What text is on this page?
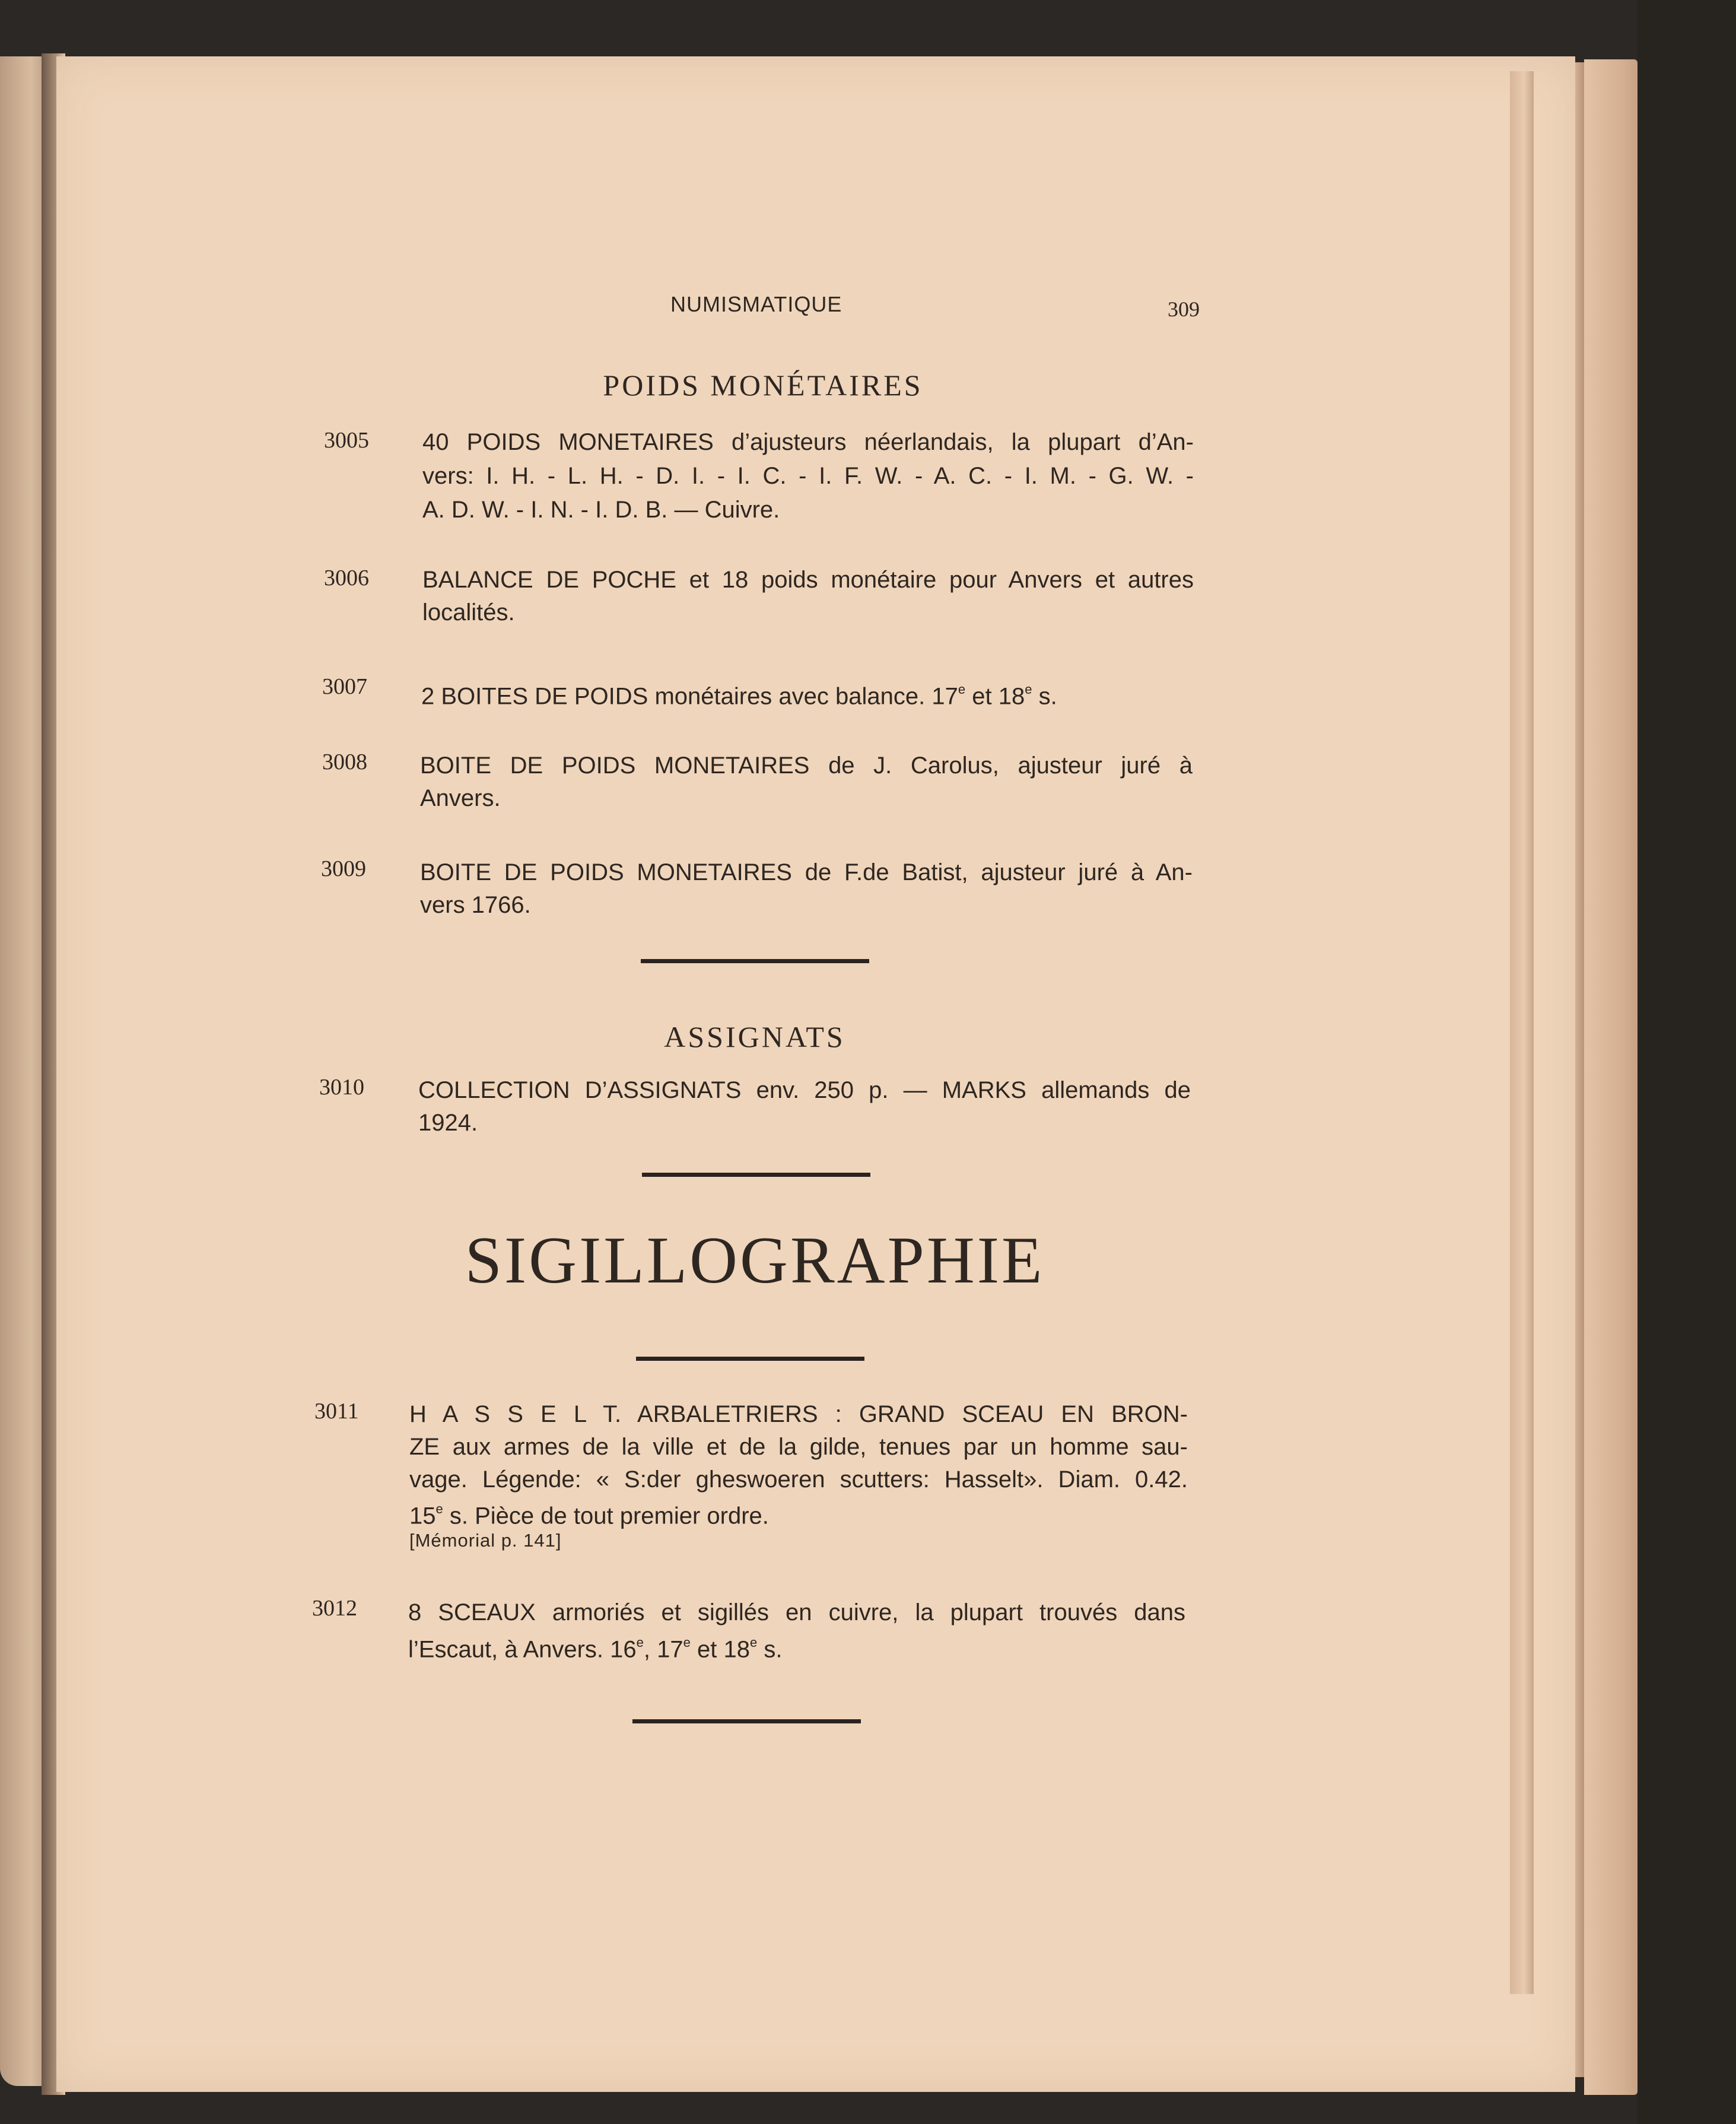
NUMISMATIQUE	309
POIDS MONÉTAIRES
3005 40 POIDS MONETAIRES d’ajusteurs néerlandais, la plupart d’An-
vers: I. H. - L. H. - D. I. - I. C. - I. F. W. - A. C. - I. M. - G. W. -
A. D. W. - I. N. - I. D. B. — Cuivre.
3006 BALANCE DE POCHE et 18 poids monétaire pour Anvers et autres
localités.
3007 2 BOITES DE POIDS monétaires avec balance. 17e et 18e s.
3008 BOITE DE POIDS MONETAIRES de J. Carolus, ajusteur juré à
Anvers.
3009 BOITE DE POIDS MONETAIRES de F.de Batist, ajusteur juré à An-
vers 1766.
ASSIGNATS
3010 COLLECTION D’ASSIGNATS env. 250 p. — MARKS allemands de
1924.
SIGILLOGRAPHIE
3011 H A S S E L T. ARBALETRIERS : GRAND SCEAU EN BRON-
ZE aux armes de la ville et de la gilde, tenues par un homme sau-
vage. Légende: « S:der gheswoeren scutters: Hasselt». Diam. 0.42.
15e s. Pièce de tout premier ordre.
[Mémorial p. 141]
3012 8 SCEAUX armoriés et sigillés en cuivre, la plupart trouvés dans
l’Escaut, à Anvers. 16e, 17e et 18e s.
